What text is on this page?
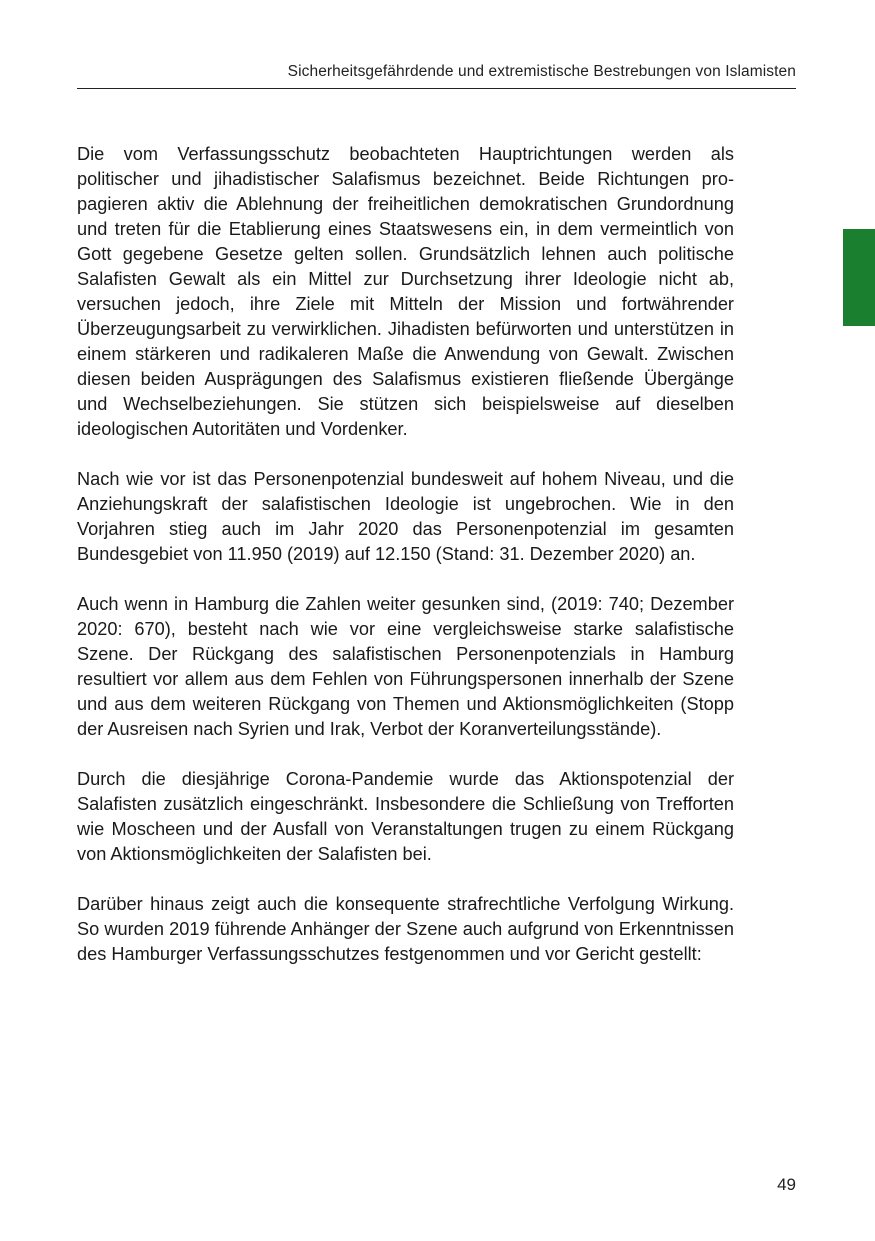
Sicherheitsgefährdende und extremistische Bestrebungen von Islamisten

Die vom Verfassungsschutz beobachteten Hauptrichtungen werden als politischer und jihadistischer Salafismus bezeichnet. Beide Richtungen propagieren aktiv die Ablehnung der freiheitlichen demokratischen Grundordnung und treten für die Etablierung eines Staatswesens ein, in dem vermeintlich von Gott gegebene Gesetze gelten sollen. Grundsätzlich lehnen auch politische Salafisten Gewalt als ein Mittel zur Durchsetzung ihrer Ideologie nicht ab, versuchen jedoch, ihre Ziele mit Mitteln der Mission und fortwährender Überzeugungsarbeit zu verwirklichen. Jihadisten befürworten und unterstützen in einem stärkeren und radikaleren Maße die Anwendung von Gewalt. Zwischen diesen beiden Ausprägungen des Salafismus existieren fließende Übergänge und Wechselbeziehungen. Sie stützen sich beispielsweise auf dieselben ideologischen Autoritäten und Vordenker.

Nach wie vor ist das Personenpotenzial bundesweit auf hohem Niveau, und die Anziehungskraft der salafistischen Ideologie ist ungebrochen. Wie in den Vorjahren stieg auch im Jahr 2020 das Personenpotenzial im gesamten Bundesgebiet von 11.950 (2019) auf 12.150 (Stand: 31. Dezember 2020) an.

Auch wenn in Hamburg die Zahlen weiter gesunken sind, (2019: 740; Dezember 2020: 670), besteht nach wie vor eine vergleichsweise starke salafistische Szene. Der Rückgang des salafistischen Personenpotenzials in Hamburg resultiert vor allem aus dem Fehlen von Führungspersonen innerhalb der Szene und aus dem weiteren Rückgang von Themen und Aktionsmöglichkeiten (Stopp der Ausreisen nach Syrien und Irak, Verbot der Koranverteilungsstände).

Durch die diesjährige Corona-Pandemie wurde das Aktionspotenzial der Salafisten zusätzlich eingeschränkt. Insbesondere die Schließung von Trefforten wie Moscheen und der Ausfall von Veranstaltungen trugen zu einem Rückgang von Aktionsmöglichkeiten der Salafisten bei.

Darüber hinaus zeigt auch die konsequente strafrechtliche Verfolgung Wirkung. So wurden 2019 führende Anhänger der Szene auch aufgrund von Erkenntnissen des Hamburger Verfassungsschutzes festgenommen und vor Gericht gestellt:

49
